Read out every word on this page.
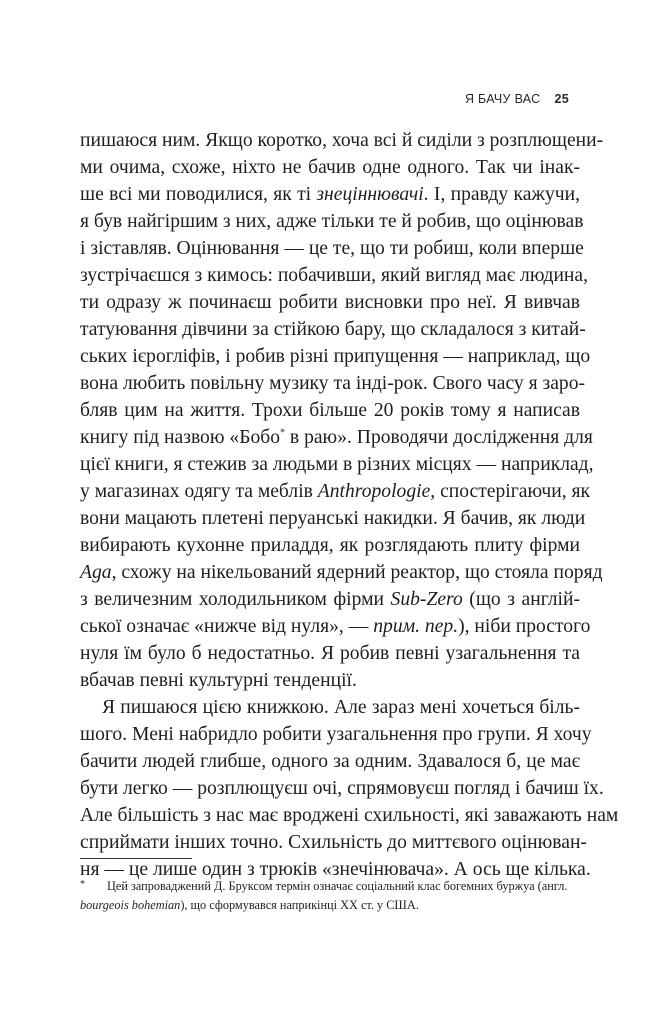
Я БАЧУ ВАС 25
пишаюся ним. Якщо коротко, хоча всі й сиділи з розплющени-
ми очима, схоже, ніхто не бачив одне одного. Так чи інак-
ше всі ми поводилися, як ті знеціннювачі. І, правду кажучи,
я був найгіршим з них, адже тільки те й робив, що оцінював
і зіставляв. Оцінювання — це те, що ти робиш, коли вперше
зустрічаєшся з кимось: побачивши, який вигляд має людина,
ти одразу ж починаєш робити висновки про неї. Я вивчав
татуювання дівчини за стійкою бару, що складалося з китай-
ських ієрогліфів, і робив різні припущення — наприклад, що
вона любить повільну музику та інді-рок. Свого часу я заро-
бляв цим на життя. Трохи більше 20 років тому я написав
книгу під назвою «Бобо* в раю». Проводячи дослідження для
цієї книги, я стежив за людьми в різних місцях — наприклад,
у магазинах одягу та меблів Anthropologie, спостерігаючи, як
вони мацають плетені перуанські накидки. Я бачив, як люди
вибирають кухонне приладдя, як розглядають плиту фірми
Aga, схожу на нікельований ядерний реактор, що стояла поряд
з величезним холодильником фірми Sub-Zero (що з англій-
ської означає «нижче від нуля», — прим. пер.), ніби простого
нуля їм було б недостатньо. Я робив певні узагальнення та
вбачав певні культурні тенденції.
Я пишаюся цією книжкою. Але зараз мені хочеться біль-
шого. Мені набридло робити узагальнення про групи. Я хочу
бачити людей глибше, одного за одним. Здавалося б, це має
бути легко — розплющуєш очі, спрямовуєш погляд і бачиш їх.
Але більшість з нас має вроджені схильності, які заважають нам
сприймати інших точно. Схильність до миттєвого оцінюван-
ня — це лише один з трюків «знечінювача». А ось ще кілька.
*	Цей запроваджений Д. Бруксом термін означає соціальний клас богемних буржуа (англ.
bourgeois bohemian), що сформувався наприкінці XX ст. у США.
